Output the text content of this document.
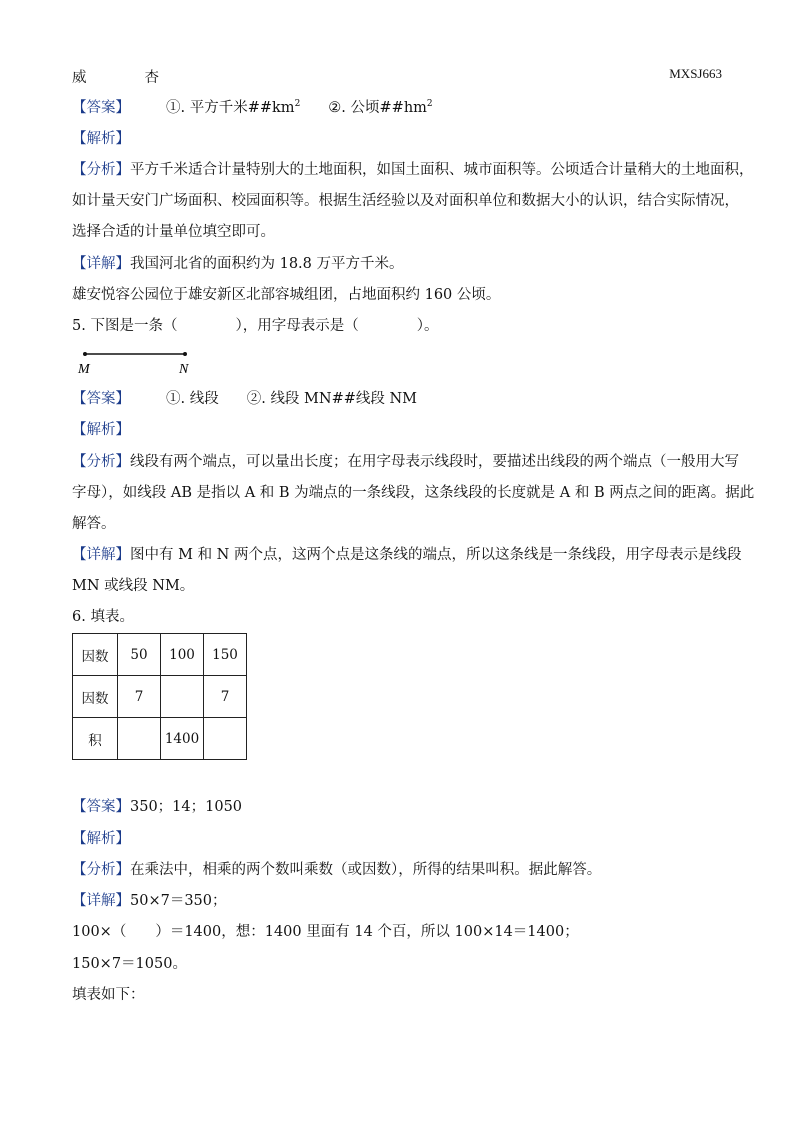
威	杏	MXSJ663
【答案】 ①. 平方千米$\#\#km^2$ ②. 公顷$\#\#hm^2$
【解析】
【分析】平方千米适合计量特别大的土地面积，如国土面积、城市面积等。公顷适合计量稍大的土地面积，
如计量天安门广场面积、校园面积等。根据生活经验以及对面积单位和数据大小的认识，结合实际情况，
选择合适的计量单位填空即可。
【详解】我国河北省的面积约为 18.8 万平方千米。
雄安悦容公园位于雄安新区北部容城组团，占地面积约 160 公顷。
5. 下图是一条（　　　　），用字母表示是（　　　　）。
M	N
【答案】 ①. 线段 ②. 线段 MN##线段 NM
【解析】
【分析】线段有两个端点，可以量出长度；在用字母表示线段时，要描述出线段的两个端点（一般用大写
字母），如线段 AB 是指以 A 和 B 为端点的一条线段，这条线段的长度就是 A 和 B 两点之间的距离。据此
解答。
【详解】图中有 M 和 N 两个点，这两个点是这条线的端点，所以这条线是一条线段，用字母表示是线段
MN 或线段 NM。
6. 填表。
因数	50	100	150
因数	7		7
积		1400	
【答案】350；14；1050
【解析】
【分析】在乘法中，相乘的两个数叫乘数（或因数），所得的结果叫积。据此解答。
【详解】50×7＝350；
100×（　　）＝1400，想：1400 里面有 14 个百，所以 100×14＝1400；
150×7＝1050。
填表如下：
